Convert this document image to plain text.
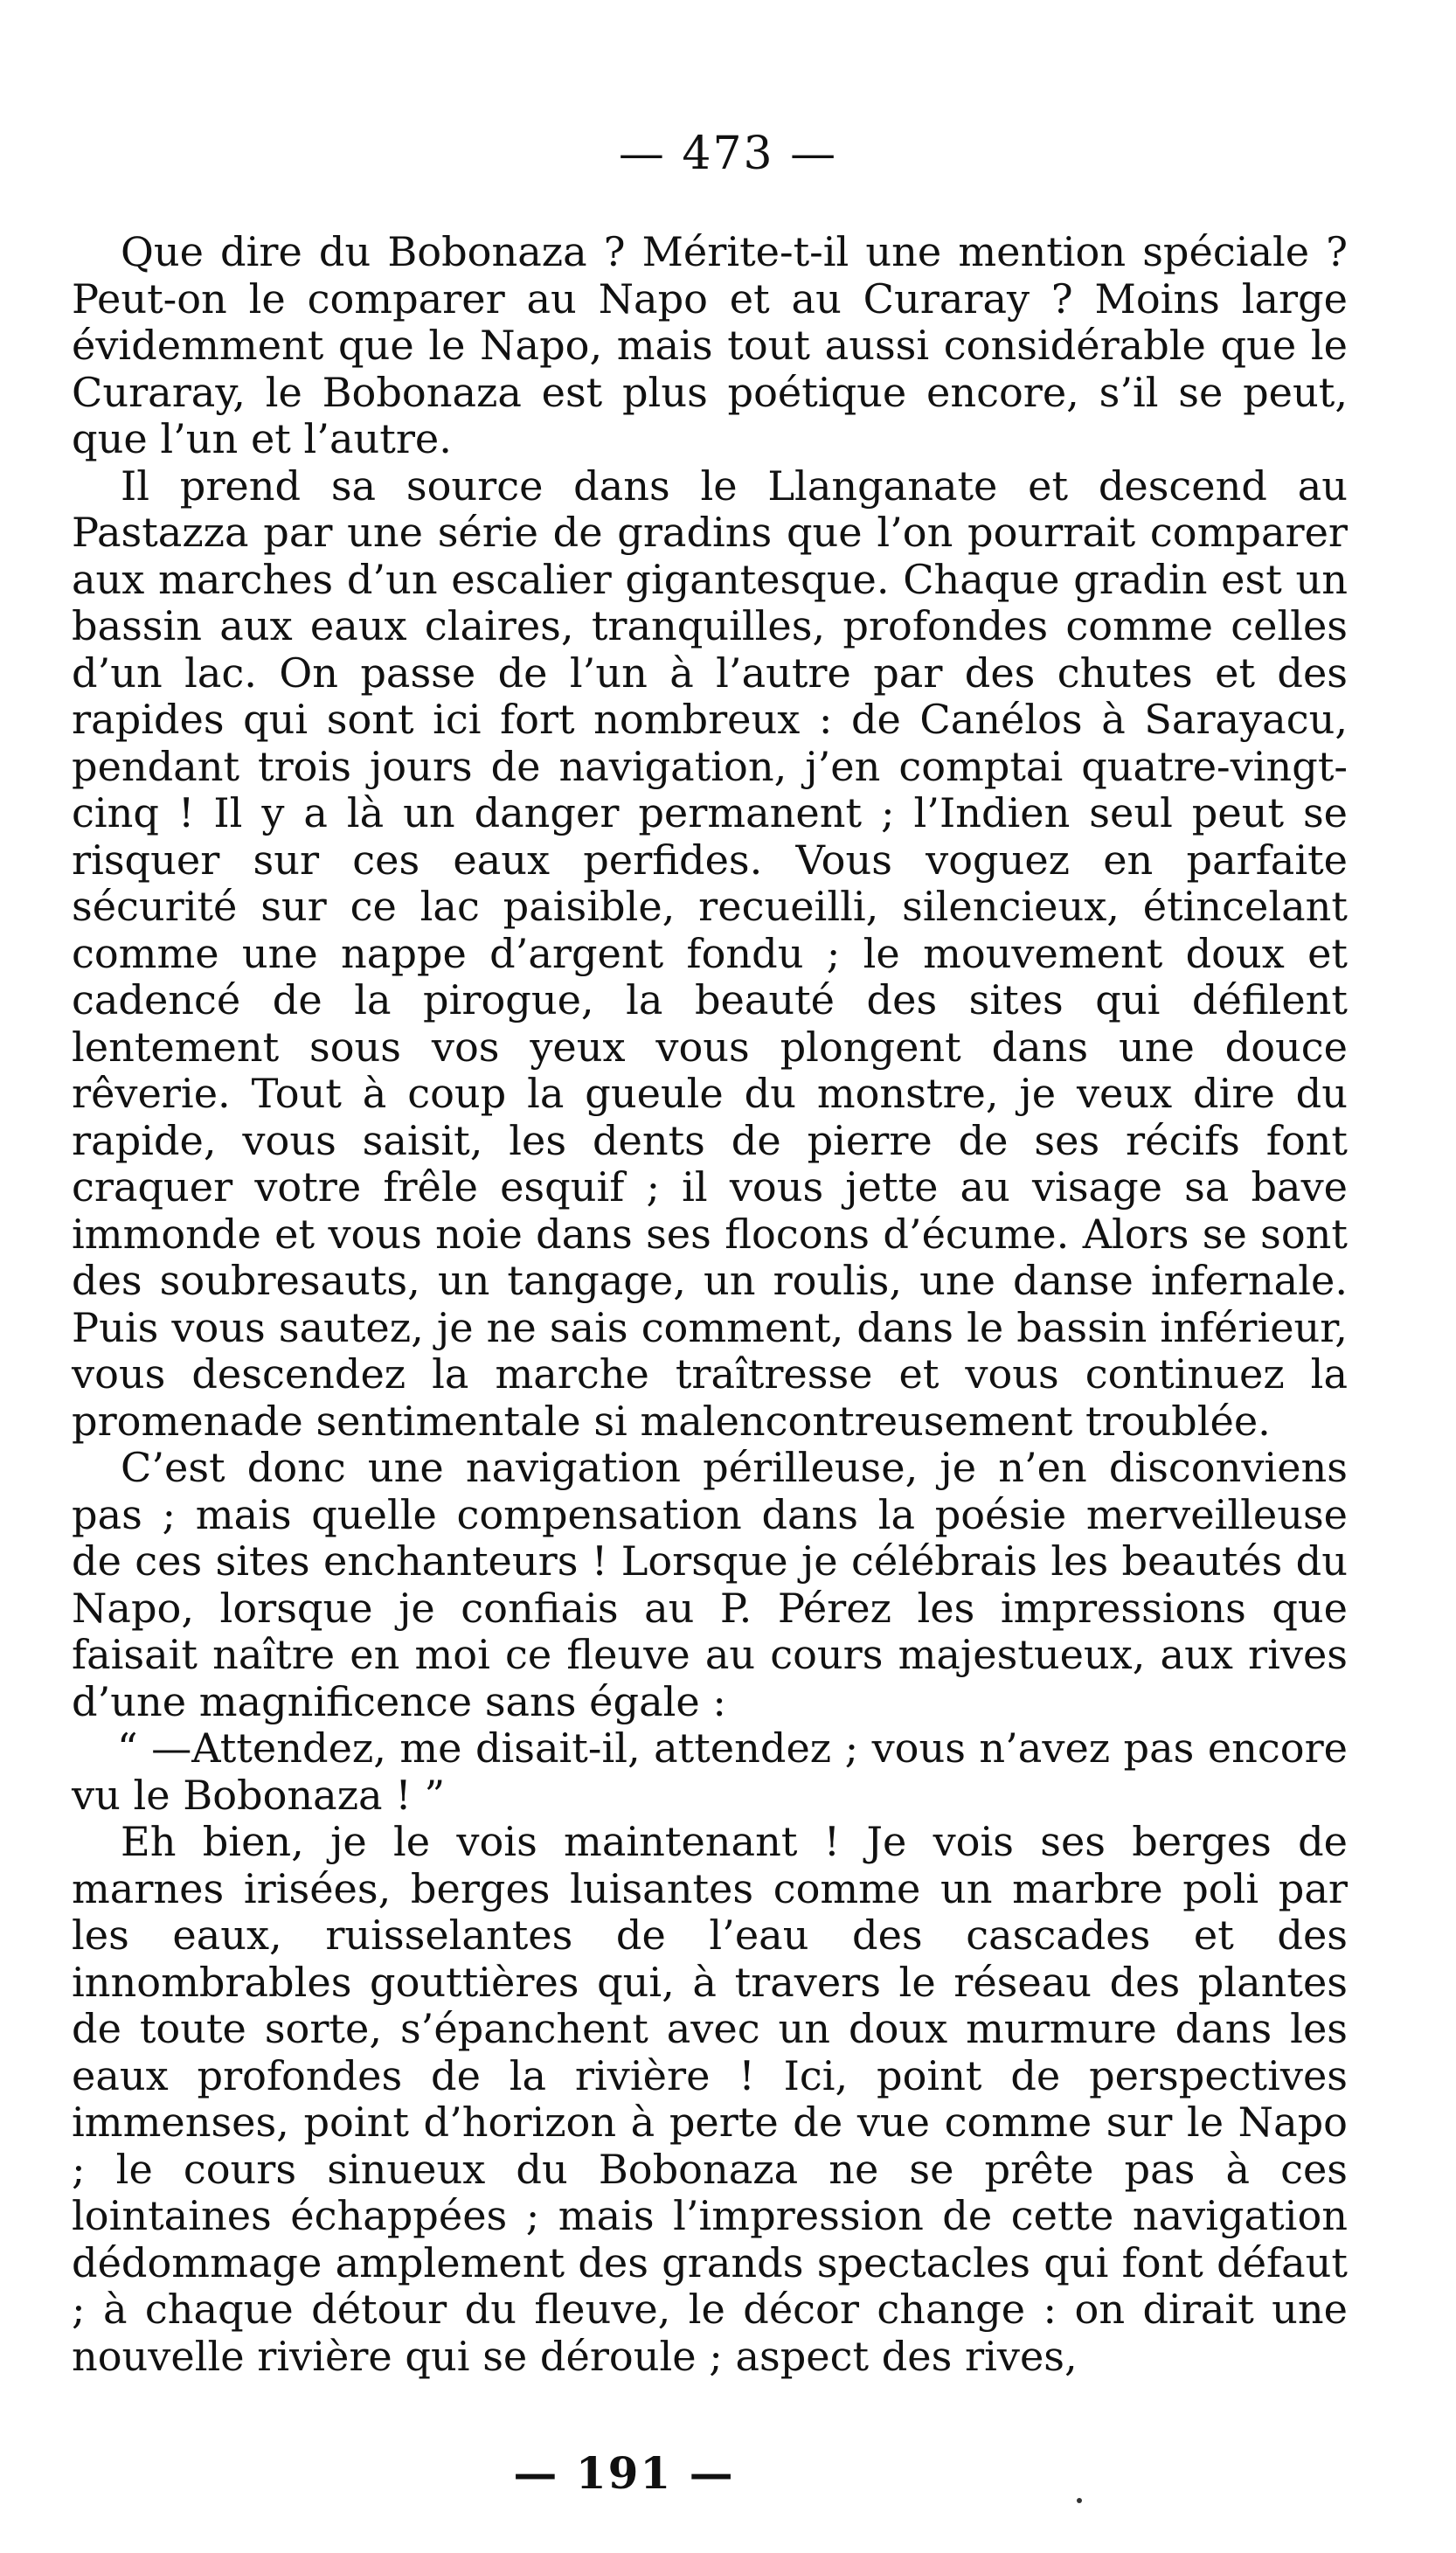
— 473 —

Que dire du Bobonaza ? Mérite-t-il une mention spéciale ? Peut-on le comparer au Napo et au Curaray ? Moins large évidemment que le Napo, mais tout aussi considérable que le Curaray, le Bobonaza est plus poétique encore, s’il se peut, que l’un et l’autre.

Il prend sa source dans le Llanganate et descend au Pastazza par une série de gradins que l’on pourrait comparer aux marches d’un escalier gigantesque. Chaque gradin est un bassin aux eaux claires, tranquilles, profondes comme celles d’un lac. On passe de l’un à l’autre par des chutes et des rapides qui sont ici fort nombreux : de Canélos à Sarayacu, pendant trois jours de navigation, j’en comptai quatre-vingt-cinq ! Il y a là un danger permanent ; l’Indien seul peut se risquer sur ces eaux perfides. Vous voguez en parfaite sécurité sur ce lac paisible, recueilli, silencieux, étincelant comme une nappe d’argent fondu ; le mouvement doux et cadencé de la pirogue, la beauté des sites qui défilent lentement sous vos yeux vous plongent dans une douce rêverie. Tout à coup la gueule du monstre, je veux dire du rapide, vous saisit, les dents de pierre de ses récifs font craquer votre frêle esquif ; il vous jette au visage sa bave immonde et vous noie dans ses flocons d’écume. Alors se sont des soubresauts, un tangage, un roulis, une danse infernale. Puis vous sautez, je ne sais comment, dans le bassin inférieur, vous descendez la marche traîtresse et vous continuez la promenade sentimentale si malencontreusement troublée.

C’est donc une navigation périlleuse, je n’en disconviens pas ; mais quelle compensation dans la poésie merveilleuse de ces sites enchanteurs ! Lorsque je célébrais les beautés du Napo, lorsque je confiais au P. Pérez les impressions que faisait naître en moi ce fleuve au cours majestueux, aux rives d’une magnificence sans égale :

“ —Attendez, me disait-il, attendez ; vous n’avez pas encore vu le Bobonaza ! ”

Eh bien, je le vois maintenant ! Je vois ses berges de marnes irisées, berges luisantes comme un marbre poli par les eaux, ruisselantes de l’eau des cascades et des innombrables gouttières qui, à travers le réseau des plantes de toute sorte, s’épanchent avec un doux murmure dans les eaux profondes de la rivière ! Ici, point de perspectives immenses, point d’horizon à perte de vue comme sur le Napo ; le cours sinueux du Bobonaza ne se prête pas à ces lointaines échappées ; mais l’impression de cette navigation dédommage amplement des grands spectacles qui font défaut ; à chaque détour du fleuve, le décor change : on dirait une nouvelle rivière qui se déroule ; aspect des rives,

— 191 —
